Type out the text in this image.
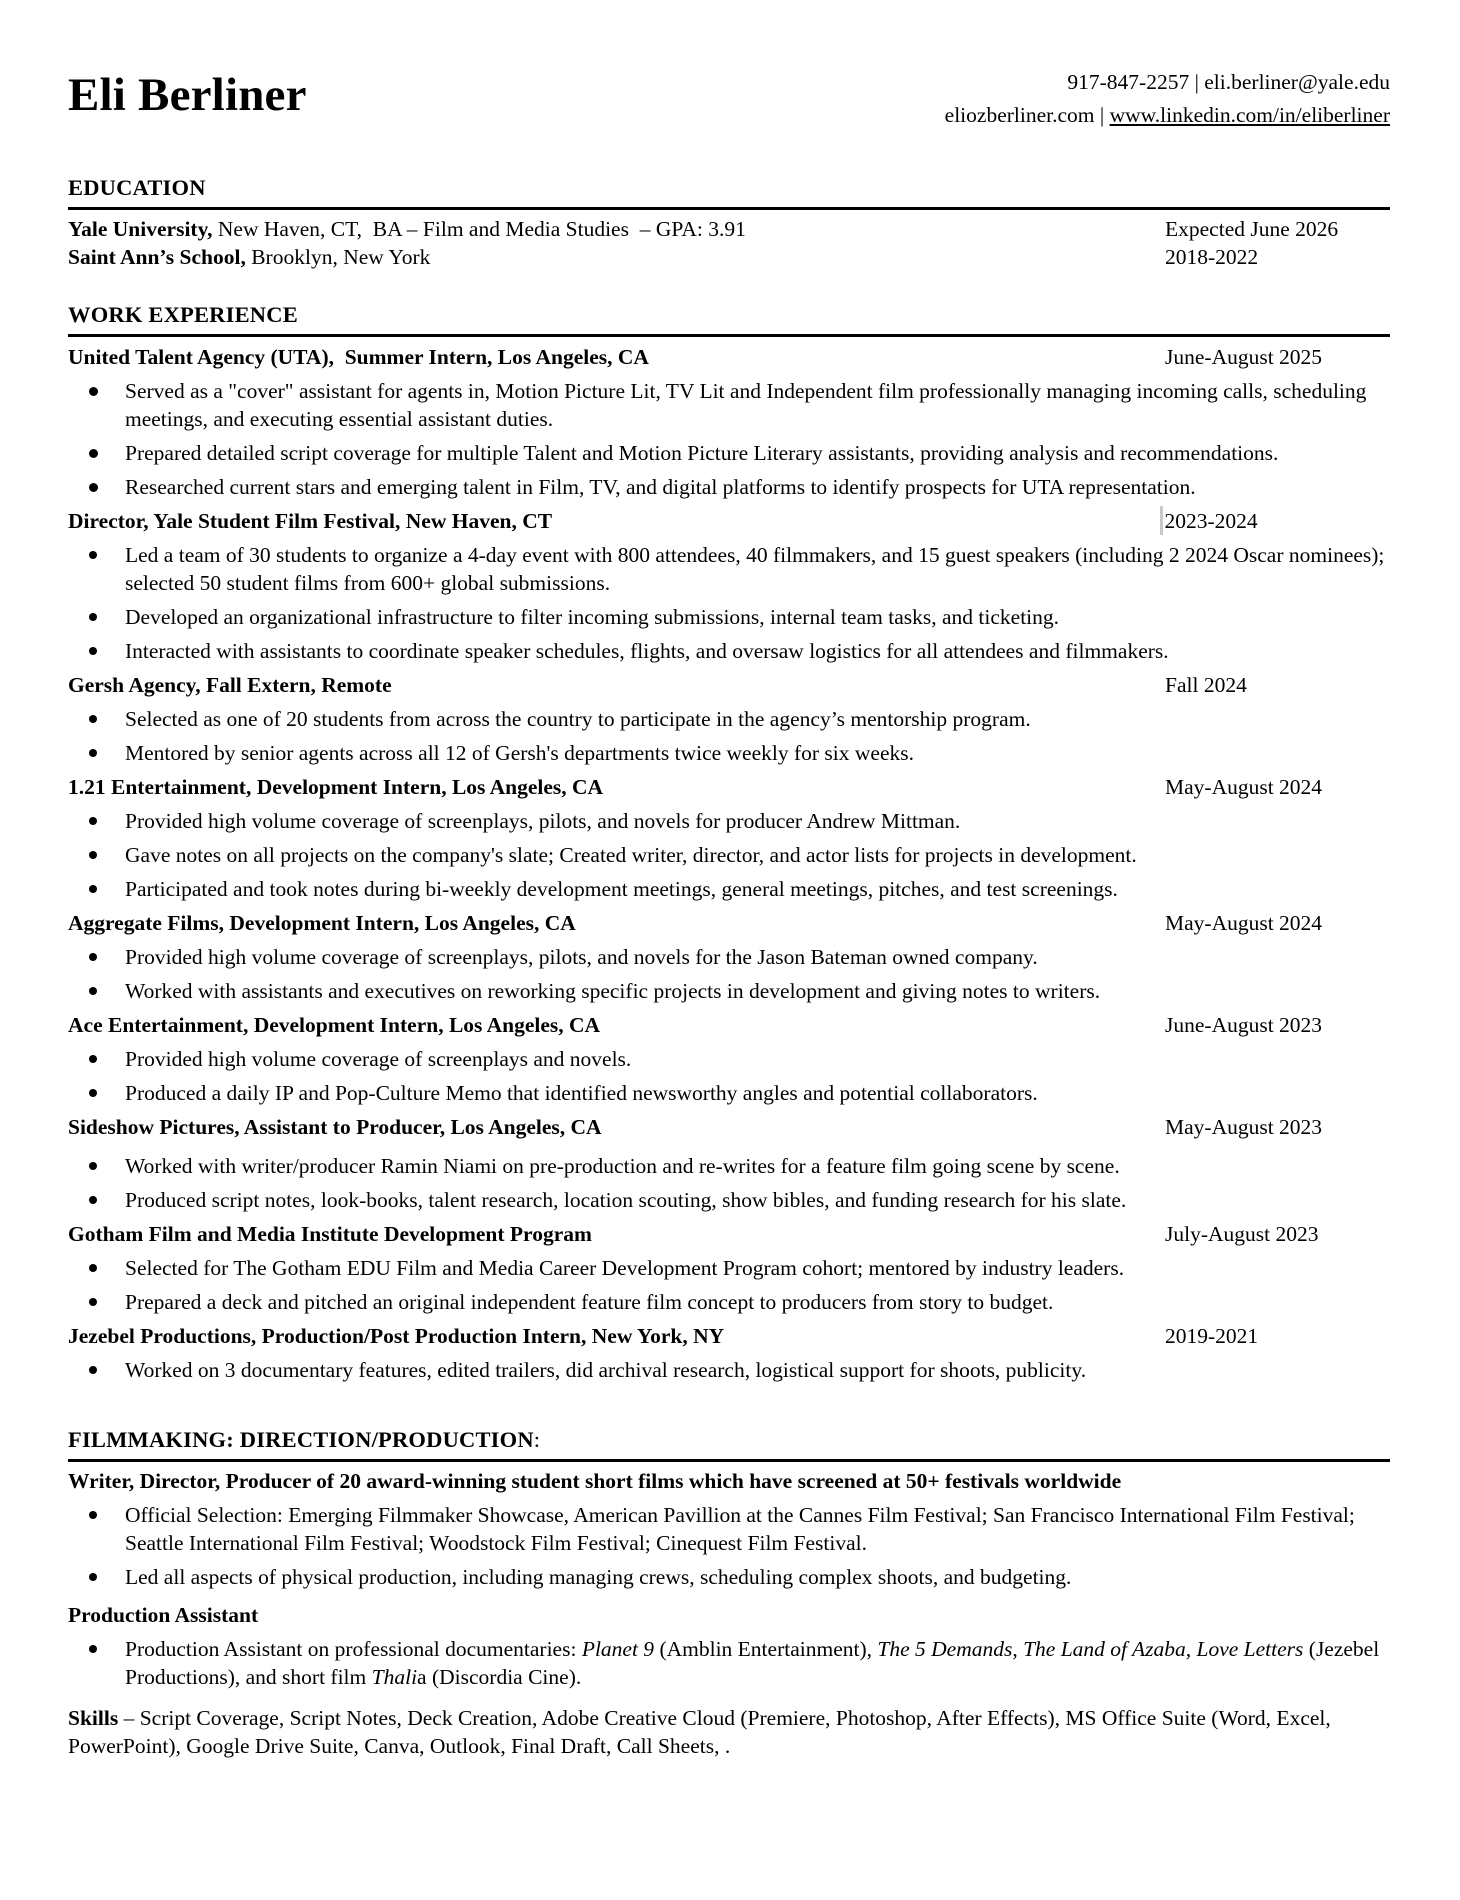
Eli Berliner	917-847-2257 | eli.berliner@yale.edu
eliozberliner.com | www.linkedin.com/in/eliberliner
EDUCATION
Yale University, New Haven, CT,  BA – Film and Media Studies  – GPA: 3.91	Expected June 2026
Saint Ann’s School, Brooklyn, New York	2018-2022
WORK EXPERIENCE
United Talent Agency (UTA),  Summer Intern, Los Angeles, CA	June-August 2025
Served as a "cover" assistant for agents in, Motion Picture Lit, TV Lit and Independent film professionally managing incoming calls, scheduling meetings, and executing essential assistant duties.
Prepared detailed script coverage for multiple Talent and Motion Picture Literary assistants, providing analysis and recommendations.
Researched current stars and emerging talent in Film, TV, and digital platforms to identify prospects for UTA representation.
Director, Yale Student Film Festival, New Haven, CT	2023-2024
Led a team of 30 students to organize a 4-day event with 800 attendees, 40 filmmakers, and 15 guest speakers (including 2 2024 Oscar nominees); selected 50 student films from 600+ global submissions.
Developed an organizational infrastructure to filter incoming submissions, internal team tasks, and ticketing.
Interacted with assistants to coordinate speaker schedules, flights, and oversaw logistics for all attendees and filmmakers.
Gersh Agency, Fall Extern, Remote	Fall 2024
Selected as one of 20 students from across the country to participate in the agency’s mentorship program.
Mentored by senior agents across all 12 of Gersh's departments twice weekly for six weeks.
1.21 Entertainment, Development Intern, Los Angeles, CA	May-August 2024
Provided high volume coverage of screenplays, pilots, and novels for producer Andrew Mittman.
Gave notes on all projects on the company's slate; Created writer, director, and actor lists for projects in development.
Participated and took notes during bi-weekly development meetings, general meetings, pitches, and test screenings.
Aggregate Films, Development Intern, Los Angeles, CA	May-August 2024
Provided high volume coverage of screenplays, pilots, and novels for the Jason Bateman owned company.
Worked with assistants and executives on reworking specific projects in development and giving notes to writers.
Ace Entertainment, Development Intern, Los Angeles, CA	June-August 2023
Provided high volume coverage of screenplays and novels.
Produced a daily IP and Pop-Culture Memo that identified newsworthy angles and potential collaborators.
Sideshow Pictures, Assistant to Producer, Los Angeles, CA	May-August 2023
Worked with writer/producer Ramin Niami on pre-production and re-writes for a feature film going scene by scene.
Produced script notes, look-books, talent research, location scouting, show bibles, and funding research for his slate.
Gotham Film and Media Institute Development Program	July-August 2023
Selected for The Gotham EDU Film and Media Career Development Program cohort; mentored by industry leaders.
Prepared a deck and pitched an original independent feature film concept to producers from story to budget.
Jezebel Productions, Production/Post Production Intern, New York, NY	2019-2021
Worked on 3 documentary features, edited trailers, did archival research, logistical support for shoots, publicity.
FILMMAKING: DIRECTION/PRODUCTION:
Writer, Director, Producer of 20 award-winning student short films which have screened at 50+ festivals worldwide
Official Selection: Emerging Filmmaker Showcase, American Pavillion at the Cannes Film Festival; San Francisco International Film Festival; Seattle International Film Festival; Woodstock Film Festival; Cinequest Film Festival.
Led all aspects of physical production, including managing crews, scheduling complex shoots, and budgeting.
Production Assistant
Production Assistant on professional documentaries: Planet 9 (Amblin Entertainment), The 5 Demands, The Land of Azaba, Love Letters (Jezebel Productions), and short film Thalia (Discordia Cine).
Skills – Script Coverage, Script Notes, Deck Creation, Adobe Creative Cloud (Premiere, Photoshop, After Effects), MS Office Suite (Word, Excel, PowerPoint), Google Drive Suite, Canva, Outlook, Final Draft, Call Sheets, .
